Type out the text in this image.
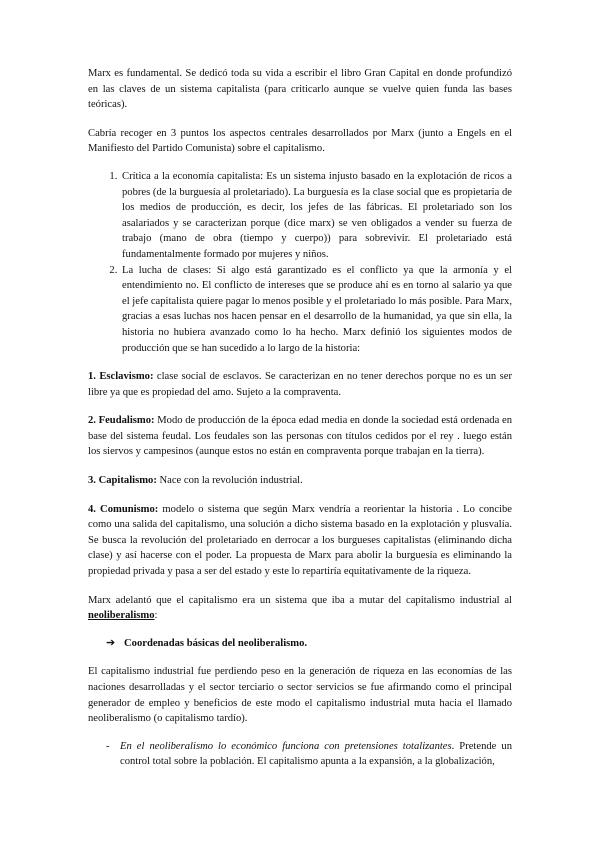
Marx es fundamental. Se dedicó toda su vida a escribir el libro Gran Capital en donde profundizó en las claves de un sistema capitalista (para criticarlo aunque se vuelve quien funda las bases teóricas).

Cabría recoger en 3 puntos los aspectos centrales desarrollados por Marx (junto a Engels en el Manifiesto del Partido Comunista) sobre el capitalismo.

1. Crítica a la economía capitalista: Es un sistema injusto basado en la explotación de ricos a pobres (de la burguesía al proletariado). La burguesía es la clase social que es propietaria de los medios de producción, es decir, los jefes de las fábricas. El proletariado son los asalariados y se caracterizan porque (dice marx) se ven obligados a vender su fuerza de trabajo (mano de obra (tiempo y cuerpo)) para sobrevivir. El proletariado está fundamentalmente formado por mujeres y niños.
2. La lucha de clases: Si algo está garantizado es el conflicto ya que la armonía y el entendimiento no. El conflicto de intereses que se produce ahí es en torno al salario ya que el jefe capitalista quiere pagar lo menos posible y el proletariado lo más posible. Para Marx, gracias a esas luchas nos hacen pensar en el desarrollo de la humanidad, ya que sin ella, la historia no hubiera avanzado como lo ha hecho. Marx definió los siguientes modos de producción que se han sucedido a lo largo de la historia:

1. Esclavismo: clase social de esclavos. Se caracterizan en no tener derechos porque no es un ser libre ya que es propiedad del amo. Sujeto a la compraventa.

2. Feudalismo: Modo de producción de la época edad media en donde la sociedad está ordenada en base del sistema feudal. Los feudales son las personas con títulos cedidos por el rey . luego están los siervos y campesinos (aunque estos no están en compraventa porque trabajan en la tierra).

3. Capitalismo: Nace con la revolución industrial.

4. Comunismo: modelo o sistema que según Marx vendría a reorientar la historia . Lo concibe como una salida del capitalismo, una solución a dicho sistema basado en la explotación y plusvalía. Se busca la revolución del proletariado en derrocar a los burgueses capitalistas (eliminando dicha clase) y así hacerse con el poder. La propuesta de Marx para abolir la burguesía es eliminando la propiedad privada y pasa a ser del estado y este lo repartiría equitativamente de la riqueza.

Marx adelantó que el capitalismo era un sistema que iba a mutar del capitalismo industrial al neoliberalismo:

➔ Coordenadas básicas del neoliberalismo.

El capitalismo industrial fue perdiendo peso en la generación de riqueza en las economías de las naciones desarrolladas y el sector terciario o sector servicios se fue afirmando como el principal generador de empleo y beneficios de este modo el capitalismo industrial muta hacia el llamado neoliberalismo (o capitalismo tardío).

- En el neoliberalismo lo económico funciona con pretensiones totalizantes. Pretende un control total sobre la población. El capitalismo apunta a la expansión, a la globalización,
